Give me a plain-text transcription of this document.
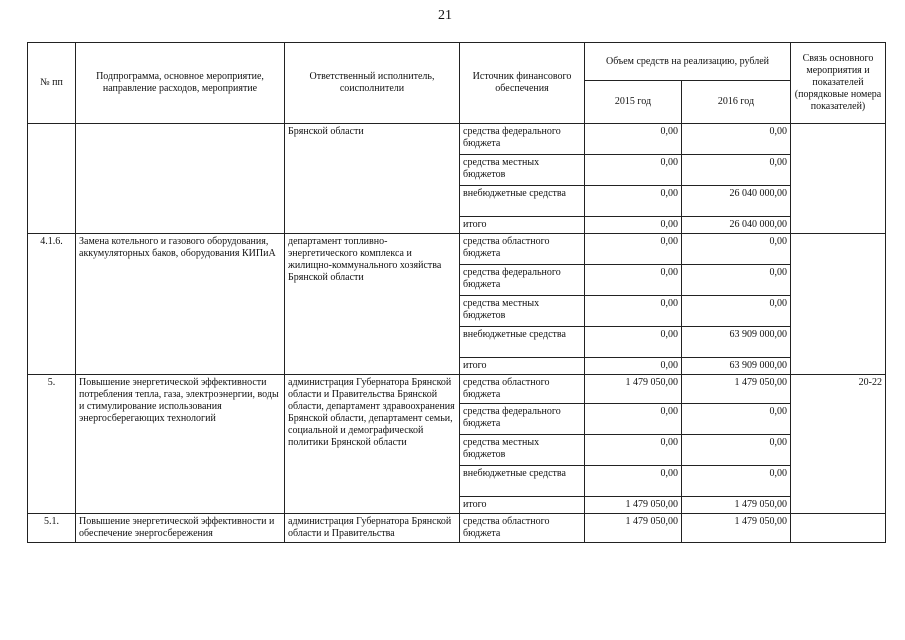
21
№ пп	Подпрограмма, основное мероприятие, направление расходов, мероприятие	Ответственный исполнитель, соисполнители	Источник финансового обеспечения	Объем средств на реализацию, рублей		Связь основного мероприятия и показателей (порядковые номера показателей)
				2015 год	2016 год	
		Брянской области	средства федерального бюджета	0,00	0,00	
			средства местных бюджетов	0,00	0,00	
			внебюджетные средства	0,00	26 040 000,00	
			итого	0,00	26 040 000,00	
4.1.6.	Замена котельного и газового оборудования, аккумуляторных баков, оборудования КИПиА	департамент топливно-энергетического комплекса и жилищно-коммунального хозяйства Брянской области	средства областного бюджета	0,00	0,00	
			средства федерального бюджета	0,00	0,00	
			средства местных бюджетов	0,00	0,00	
			внебюджетные средства	0,00	63 909 000,00	
			итого	0,00	63 909 000,00	
5.	Повышение энергетической эффективности потребления тепла, газа, электроэнергии, воды и стимулирование использования энергосберегающих технологий	администрация Губернатора Брянской области и Правительства Брянской области, департамент здравоохранения Брянской области, департамент семьи, социальной и демографической политики Брянской области	средства областного бюджета	1 479 050,00	1 479 050,00	20-22
			средства федерального бюджета	0,00	0,00	
			средства местных бюджетов	0,00	0,00	
			внебюджетные средства	0,00	0,00	
			итого	1 479 050,00	1 479 050,00	
5.1.	Повышение энергетической эффективности и обеспечение энергосбережения	администрация Губернатора Брянской области и Правительства	средства областного бюджета	1 479 050,00	1 479 050,00	
